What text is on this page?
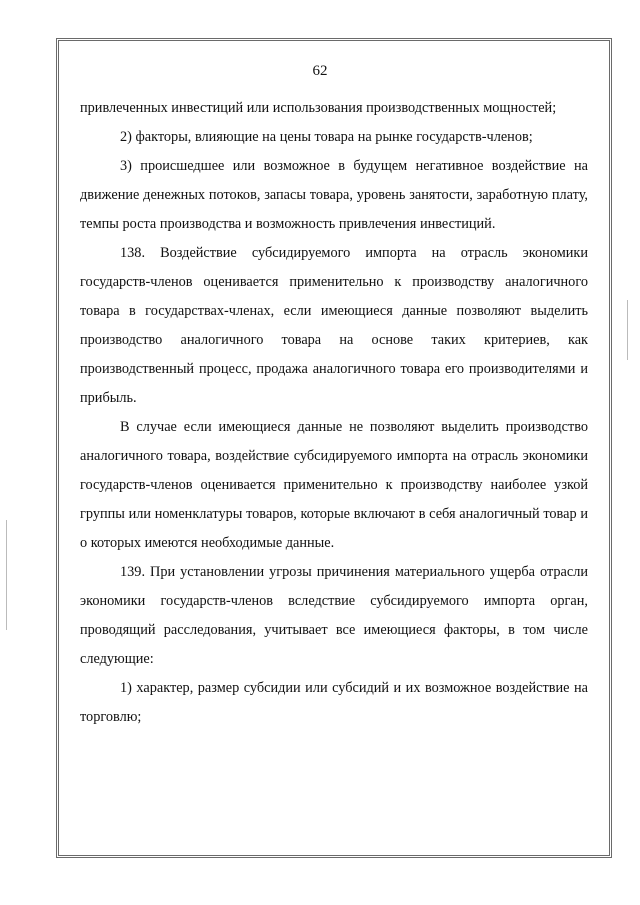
62

привлеченных инвестиций или использования производственных мощностей;

2) факторы, влияющие на цены товара на рынке государств-членов;

3) происшедшее или возможное в будущем негативное воздействие на движение денежных потоков, запасы товара, уровень занятости, заработную плату, темпы роста производства и возможность привлечения инвестиций.

138. Воздействие субсидируемого импорта на отрасль экономики государств-членов оценивается применительно к производству аналогичного товара в государствах-членах, если имеющиеся данные позволяют выделить производство аналогичного товара на основе таких критериев, как производственный процесс, продажа аналогичного товара его производителями и прибыль.

В случае если имеющиеся данные не позволяют выделить производство аналогичного товара, воздействие субсидируемого импорта на отрасль экономики государств-членов оценивается применительно к производству наиболее узкой группы или номенклатуры товаров, которые включают в себя аналогичный товар и о которых имеются необходимые данные.

139. При установлении угрозы причинения материального ущерба отрасли экономики государств-членов вследствие субсидируемого импорта орган, проводящий расследования, учитывает все имеющиеся факторы, в том числе следующие:

1) характер, размер субсидии или субсидий и их возможное воздействие на торговлю;
